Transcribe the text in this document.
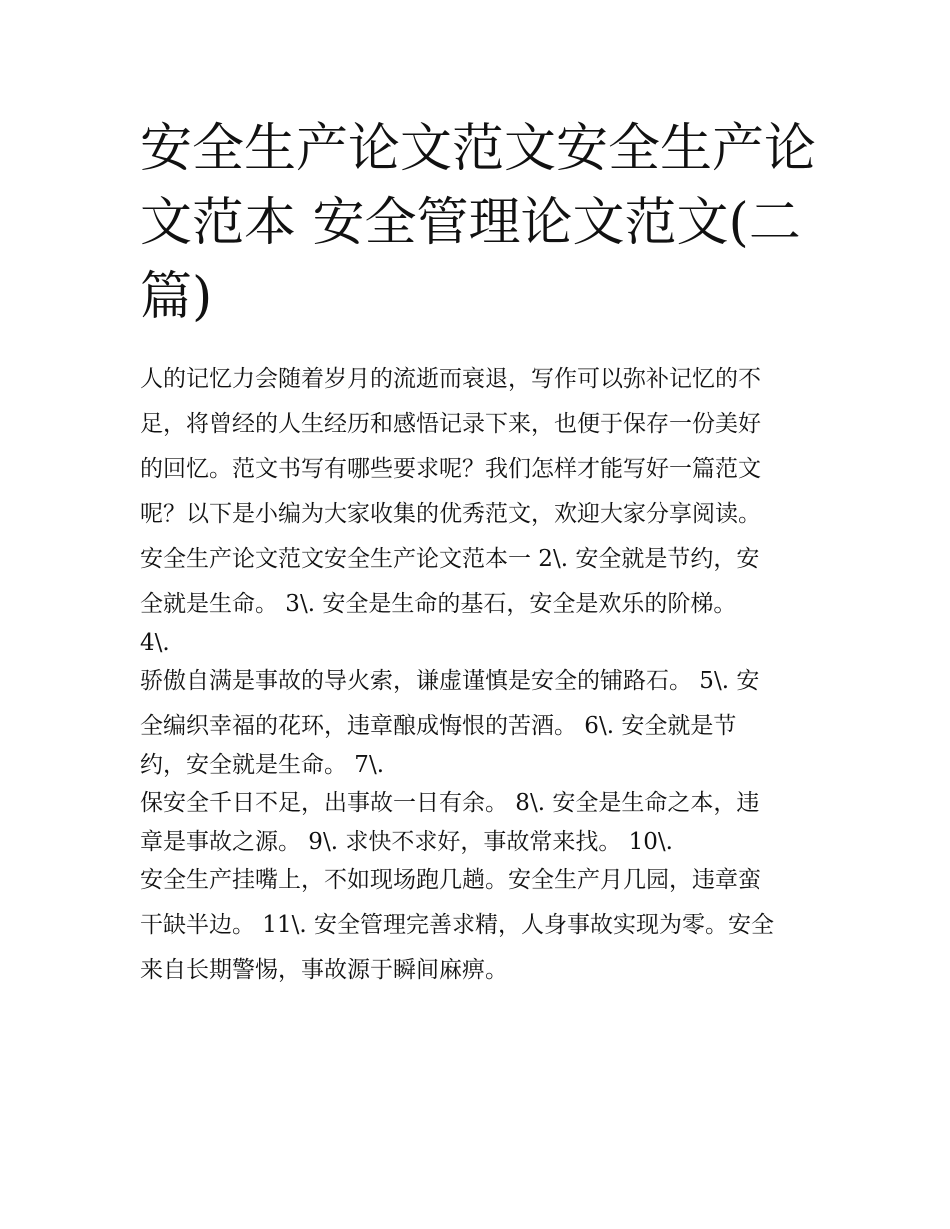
安全生产论文范文安全生产论
文范本 安全管理论文范文(二
篇)
人的记忆力会随着岁月的流逝而衰退，写作可以弥补记忆的不
足，将曾经的人生经历和感悟记录下来，也便于保存一份美好
的回忆。范文书写有哪些要求呢？我们怎样才能写好一篇范文
呢？以下是小编为大家收集的优秀范文，欢迎大家分享阅读。
安全生产论文范文安全生产论文范本一 2\. 安全就是节约，安
全就是生命。 3\. 安全是生命的基石，安全是欢乐的阶梯。
4\.
骄傲自满是事故的导火索，谦虚谨慎是安全的铺路石。 5\. 安
全编织幸福的花环，违章酿成悔恨的苦酒。 6\. 安全就是节
约，安全就是生命。 7\.
保安全千日不足，出事故一日有余。 8\. 安全是生命之本，违
章是事故之源。 9\. 求快不求好，事故常来找。 10\.
安全生产挂嘴上，不如现场跑几趟。安全生产月几园，违章蛮
干缺半边。 11\. 安全管理完善求精，人身事故实现为零。安全
来自长期警惕，事故源于瞬间麻痹。
